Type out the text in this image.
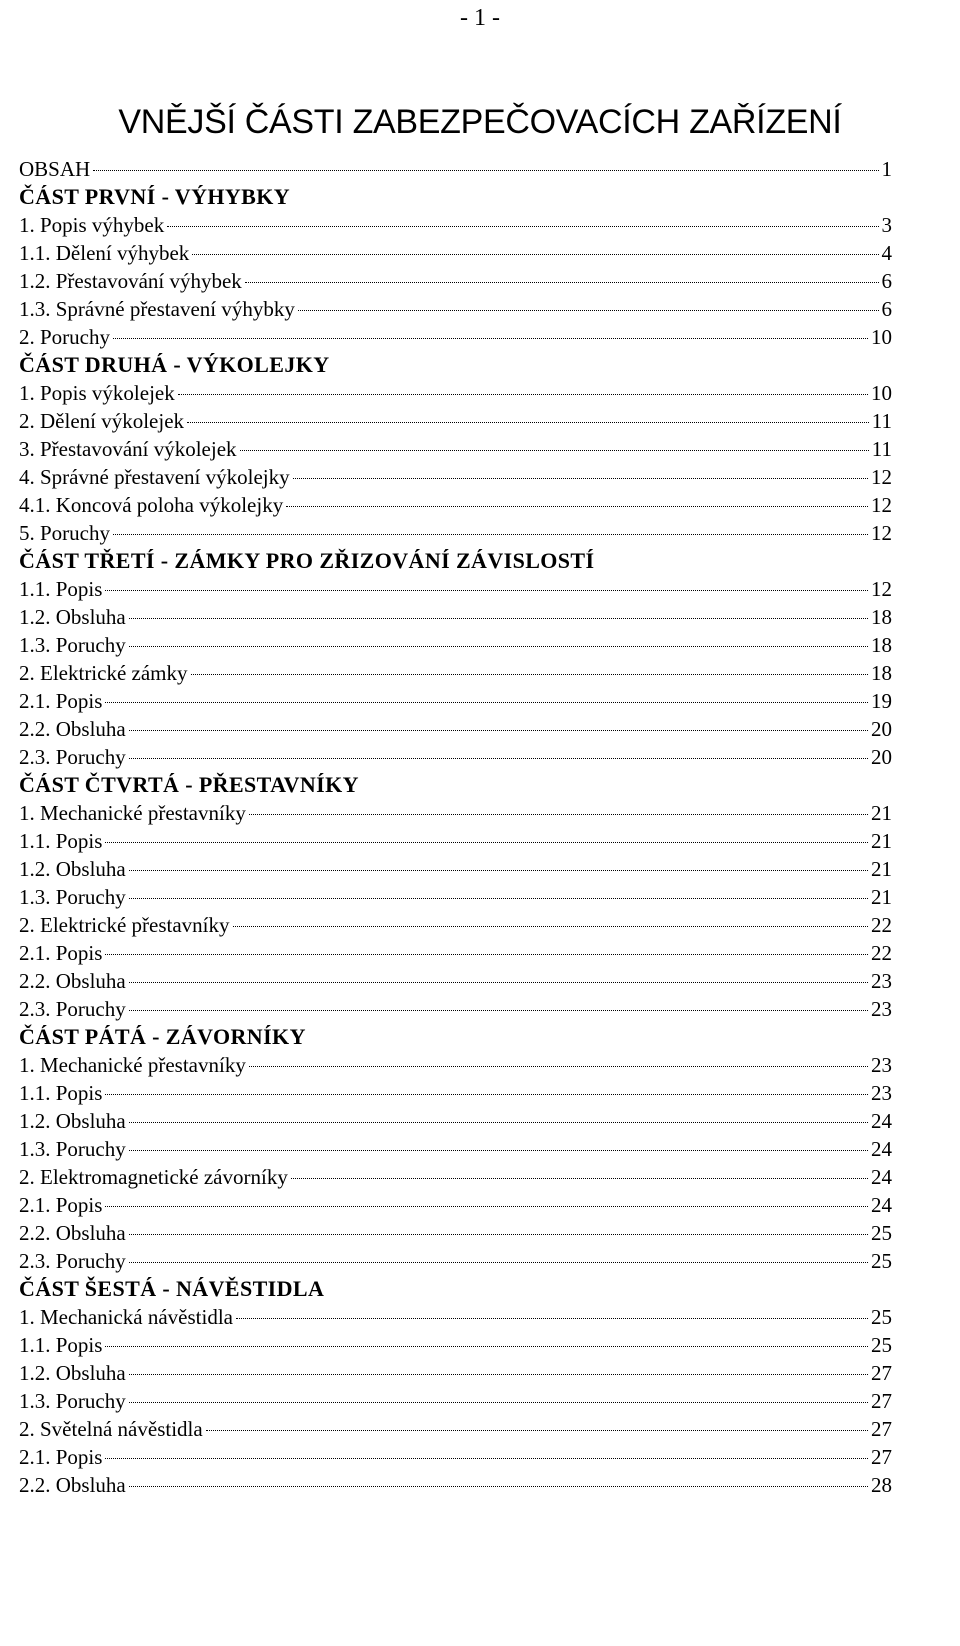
- 1 -
VNĚJŠÍ ČÁSTI ZABEZPEČOVACÍCH ZAŘÍZENÍ
OBSAH	1
ČÁST PRVNÍ - VÝHYBKY
1. Popis výhybek	3
1.1. Dělení výhybek	4
1.2. Přestavování výhybek	6
1.3. Správné přestavení výhybky	6
2. Poruchy	10
ČÁST DRUHÁ - VÝKOLEJKY
1. Popis výkolejek	10
2. Dělení výkolejek	11
3. Přestavování výkolejek	11
4. Správné přestavení výkolejky	12
4.1. Koncová poloha výkolejky	12
5. Poruchy	12
ČÁST TŘETÍ - ZÁMKY PRO ZŘIZOVÁNÍ ZÁVISLOSTÍ
1.1. Popis	12
1.2. Obsluha	18
1.3. Poruchy	18
2. Elektrické zámky	18
2.1. Popis	19
2.2. Obsluha	20
2.3. Poruchy	20
ČÁST ČTVRTÁ - PŘESTAVNÍKY
1. Mechanické přestavníky	21
1.1. Popis	21
1.2. Obsluha	21
1.3. Poruchy	21
2. Elektrické přestavníky	22
2.1. Popis	22
2.2. Obsluha	23
2.3. Poruchy	23
ČÁST PÁTÁ - ZÁVORNÍKY
1. Mechanické přestavníky	23
1.1. Popis	23
1.2. Obsluha	24
1.3. Poruchy	24
2. Elektromagnetické závorníky	24
2.1. Popis	24
2.2. Obsluha	25
2.3. Poruchy	25
ČÁST ŠESTÁ - NÁVĚSTIDLA
1. Mechanická návěstidla	25
1.1. Popis	25
1.2. Obsluha	27
1.3. Poruchy	27
2. Světelná návěstidla	27
2.1. Popis	27
2.2. Obsluha	28
